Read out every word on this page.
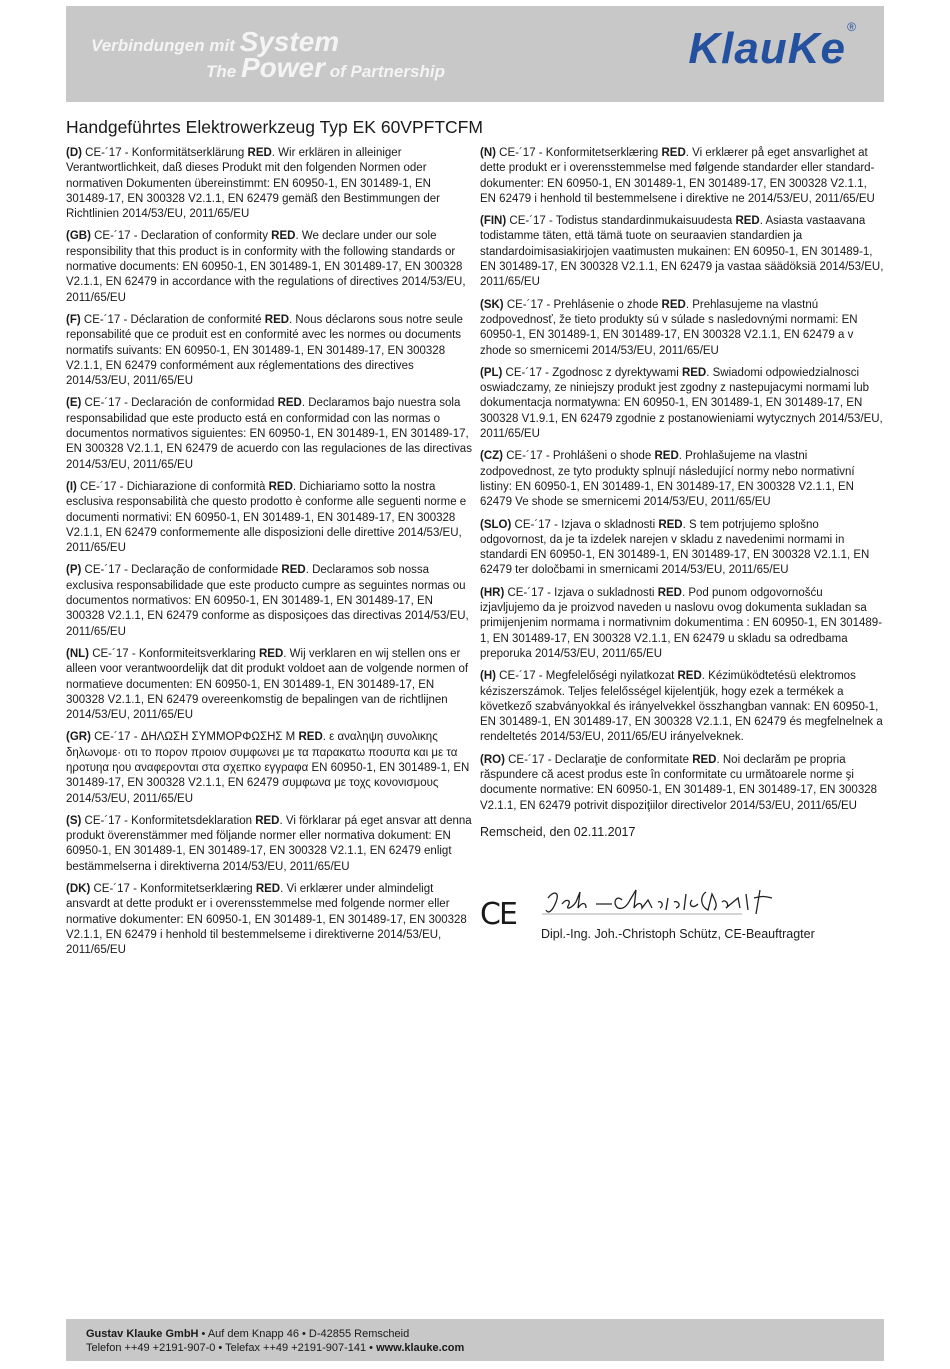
Verbindungen mit System
The Power of Partnership	KlauKe ®
Handgeführtes Elektrowerkzeug Typ EK 60VPFTCFM
(D) CE-´17 - Konformitätserklärung RED. Wir erklären in alleiniger Verantwortlichkeit, daß dieses Produkt mit den folgenden Normen oder normativen Dokumenten übereinstimmt: EN 60950-1, EN 301489-1, EN 301489-17, EN 300328 V2.1.1, EN 62479 gemäß den Bestimmungen der Richtlinien 2014/53/EU, 2011/65/EU
(GB) CE-´17 - Declaration of conformity RED. We declare under our sole responsibility that this product is in conformity with the following standards or normative documents: EN 60950-1, EN 301489-1, EN 301489-17, EN 300328 V2.1.1, EN 62479 in accordance with the regulations of directives 2014/53/EU, 2011/65/EU
(F) CE-´17 - Déclaration de conformité RED. Nous déclarons sous notre seule reponsabilité que ce produit est en conformité avec les normes ou documents normatifs suivants: EN 60950-1, EN 301489-1, EN 301489-17, EN 300328 V2.1.1, EN 62479 conformément aux réglementations des directives 2014/53/EU, 2011/65/EU
(E) CE-´17 - Declaración de conformidad RED. Declaramos bajo nuestra sola responsabilidad que este producto está en conformidad con las normas o documentos normativos siguientes: EN 60950-1, EN 301489-1, EN 301489-17, EN 300328 V2.1.1, EN 62479 de acuerdo con las regulaciones de las directivas 2014/53/EU, 2011/65/EU
(I) CE-´17 - Dichiarazione di conformità RED. Dichiariamo sotto la nostra esclusiva responsabilità che questo prodotto è conforme alle seguenti norme e documenti normativi: EN 60950-1, EN 301489-1, EN 301489-17, EN 300328 V2.1.1, EN 62479 conformemente alle disposizioni delle direttive 2014/53/EU, 2011/65/EU
(P) CE-´17 - Declaração de conformidade RED. Declaramos sob nossa exclusiva responsabilidade que este producto cumpre as seguintes normas ou documentos normativos: EN 60950-1, EN 301489-1, EN 301489-17, EN 300328 V2.1.1, EN 62479 conforme as disposiçoes das directivas 2014/53/EU, 2011/65/EU
(NL) CE-´17 - Konformiteitsverklaring RED. Wij verklaren en wij stellen ons er alleen voor verantwoordelijk dat dit produkt voldoet aan de volgende normen of normatieve documenten: EN 60950-1, EN 301489-1, EN 301489-17, EN 300328 V2.1.1, EN 62479 overeenkomstig de bepalingen van de richtlijnen 2014/53/EU, 2011/65/EU
(GR) CE-´17 - ΔΗΛΩΣΗ ΣΥΜΜΟΡΦΩΣΗΣ Μ RED. ε αναληψη συνολικης δηλωνομε· οτι το πορον προιον συμφωνει με τα παρακατω ποσυπα και με τα ηροτυηα ηου αναφερονται στα σχεπκο εγγραφα EN 60950-1, EN 301489-1, EN 301489-17, EN 300328 V2.1.1, EN 62479 συμφωνα με τοχς κονονισμους 2014/53/EU, 2011/65/EU
(S) CE-´17 - Konformitetsdeklaration RED. Vi förklarar pá eget ansvar att denna produkt överenstämmer med följande normer eller normativa dokument: EN 60950-1, EN 301489-1, EN 301489-17, EN 300328 V2.1.1, EN 62479 enligt bestämmelserna i direktiverna 2014/53/EU, 2011/65/EU
(DK) CE-´17 - Konformitetserklæring RED. Vi erklærer under almindeligt ansvardt at dette produkt er i overensstemmelse med folgende normer eller normative dokumenter: EN 60950-1, EN 301489-1, EN 301489-17, EN 300328 V2.1.1, EN 62479 i henhold til bestemmelseme i direktiverne 2014/53/EU, 2011/65/EU
(N) CE-´17 - Konformitetserklæring RED. Vi erklærer på eget ansvarlighet at dette produkt er i overensstemmelse med følgende standarder eller standard-dokumenter: EN 60950-1, EN 301489-1, EN 301489-17, EN 300328 V2.1.1, EN 62479 i henhold til bestemmelsene i direktive ne 2014/53/EU, 2011/65/EU
(FIN) CE-´17 - Todistus standardinmukaisuudesta RED. Asiasta vastaavana todistamme täten, että tämä tuote on seuraavien standardien ja standardoimisasiakirjojen vaatimusten mukainen: EN 60950-1, EN 301489-1, EN 301489-17, EN 300328 V2.1.1, EN 62479 ja vastaa säädöksiä 2014/53/EU, 2011/65/EU
(SK) CE-´17 - Prehlásenie o zhode RED. Prehlasujeme na vlastnú zodpovednosť, že tieto produkty sú v súlade s nasledovnými normami: EN 60950-1, EN 301489-1, EN 301489-17, EN 300328 V2.1.1, EN 62479 a v zhode so smernicemi 2014/53/EU, 2011/65/EU
(PL) CE-´17 - Zgodnosc z dyrektywami RED. Swiadomi odpowiedzialnosci oswiadczamy, ze niniejszy produkt jest zgodny z nastepujacymi normami lub dokumentacja normatywna: EN 60950-1, EN 301489-1, EN 301489-17, EN 300328 V1.9.1, EN 62479 zgodnie z postanowieniami wytycznych 2014/53/EU, 2011/65/EU
(CZ) CE-´17 - Prohlášeni o shode RED. Prohlašujeme na vlastni zodpovednost, ze tyto produkty splnují následující normy nebo normativní listiny: EN 60950-1, EN 301489-1, EN 301489-17, EN 300328 V2.1.1, EN 62479 Ve shode se smernicemi 2014/53/EU, 2011/65/EU
(SLO) CE-´17 - Izjava o skladnosti RED. S tem potrjujemo splošno odgovornost, da je ta izdelek narejen v skladu z navedenimi normami in standardi EN 60950-1, EN 301489-1, EN 301489-17, EN 300328 V2.1.1, EN 62479 ter določbami in smernicami 2014/53/EU, 2011/65/EU
(HR) CE-´17 - Izjava o sukladnosti RED. Pod punom odgovornošću izjavljujemo da je proizvod naveden u naslovu ovog dokumenta sukladan sa primijenjenim normama i normativnim dokumentima : EN 60950-1, EN 301489-1, EN 301489-17, EN 300328 V2.1.1, EN 62479 u skladu sa odredbama preporuka 2014/53/EU, 2011/65/EU
(H) CE-´17 - Megfelelőségi nyilatkozat RED. Kézimüködtetésü elektromos kéziszerszámok. Teljes felelősségel kijelentjük, hogy ezek a termékek a következő szabványokkal és irányelvekkel összhangban vannak: EN 60950-1, EN 301489-1, EN 301489-17, EN 300328 V2.1.1, EN 62479 és megfelnelnek a rendeltetés 2014/53/EU, 2011/65/EU irányelveknek.
(RO) CE-´17 - Declaraţie de conformitate RED. Noi declarăm pe propria răspundere că acest produs este în conformitate cu următoarele norme şi documente normative: EN 60950-1, EN 301489-1, EN 301489-17, EN 300328 V2.1.1, EN 62479 potrivit dispoziţiilor directivelor 2014/53/EU, 2011/65/EU
Remscheid, den 02.11.2017
CE
Dipl.-Ing. Joh.-Christoph Schütz, CE-Beauftragter
Gustav Klauke GmbH • Auf dem Knapp 46 • D-42855 Remscheid
Telefon ++49 +2191-907-0 • Telefax ++49 +2191-907-141 • www.klauke.com
